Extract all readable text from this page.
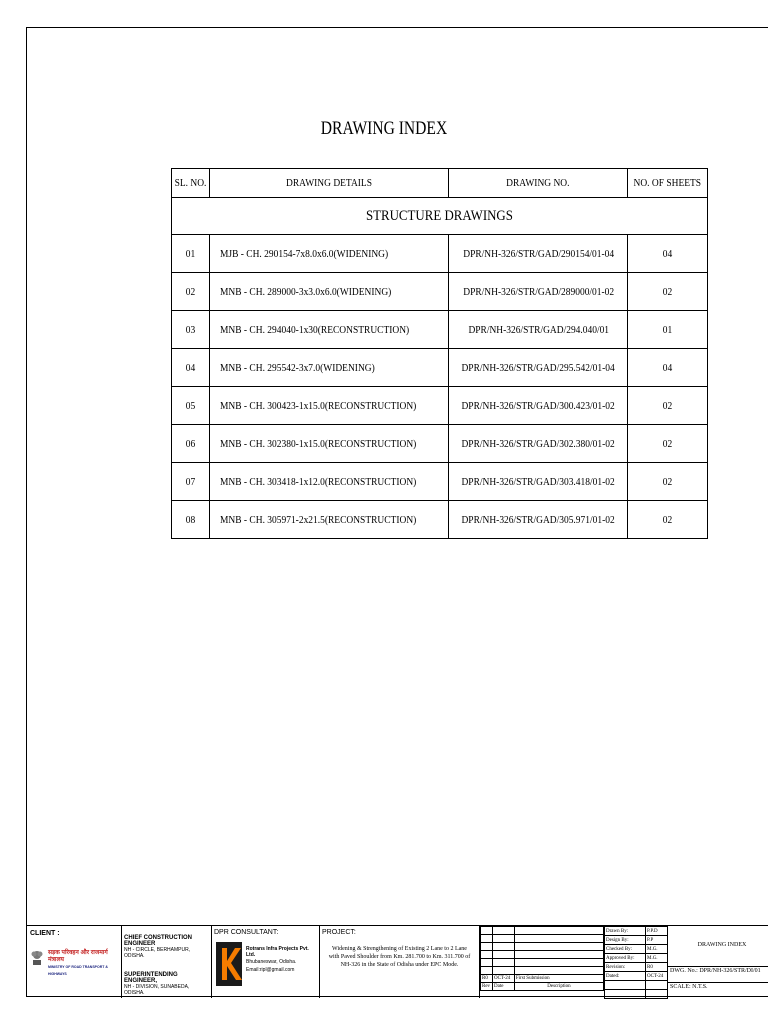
DRAWING INDEX
SL. NO.	DRAWING DETAILS	DRAWING NO.	NO. OF SHEETS
STRUCTURE DRAWINGS			
01	MJB - CH. 290154-7x8.0x6.0(WIDENING)	DPR/NH-326/STR/GAD/290154/01-04	04
02	MNB - CH. 289000-3x3.0x6.0(WIDENING)	DPR/NH-326/STR/GAD/289000/01-02	02
03	MNB - CH. 294040-1x30(RECONSTRUCTION)	DPR/NH-326/STR/GAD/294.040/01	01
04	MNB - CH. 295542-3x7.0(WIDENING)	DPR/NH-326/STR/GAD/295.542/01-04	04
05	MNB - CH. 300423-1x15.0(RECONSTRUCTION)	DPR/NH-326/STR/GAD/300.423/01-02	02
06	MNB - CH. 302380-1x15.0(RECONSTRUCTION)	DPR/NH-326/STR/GAD/302.380/01-02	02
07	MNB - CH. 303418-1x12.0(RECONSTRUCTION)	DPR/NH-326/STR/GAD/303.418/01-02	02
08	MNB - CH. 305971-2x21.5(RECONSTRUCTION)	DPR/NH-326/STR/GAD/305.971/01-02	02
CLIENT :
सड़क परिवहन और राजमार्ग मंत्रालय
MINISTRY OF ROAD TRANSPORT & HIGHWAYS
CHIEF CONSTRUCTION ENGINEER
NH - CIRCLE, BERHAMPUR, ODISHA.
SUPERINTENDING ENGINEER,
NH - DIVISION, SUNABEDA, ODISHA.
DPR CONSULTANT:
Rotrans Infra Projects Pvt. Ltd.
Bhubaneswar, Odisha.
Email:ripl@gmail.com
PROJECT:
Widening & Strengthening of Existing 2 Lane to 2 Lane with Paved Shoulder from Km. 281.700 to Km. 311.700 of NH-326 in the State of Odisha under EPC Mode.

R0	OCT-24	First Submission
Rev	Date	Description
Drawn By:	P.P.D
Design By:	P.P
Checked By:	M.G.
Approved By:	M.G.
Revision:	R0
Dated:	OCT-24

DRAWING INDEX
DWG. No.: DPR/NH-326/STR/DI/01
SCALE: N.T.S.
